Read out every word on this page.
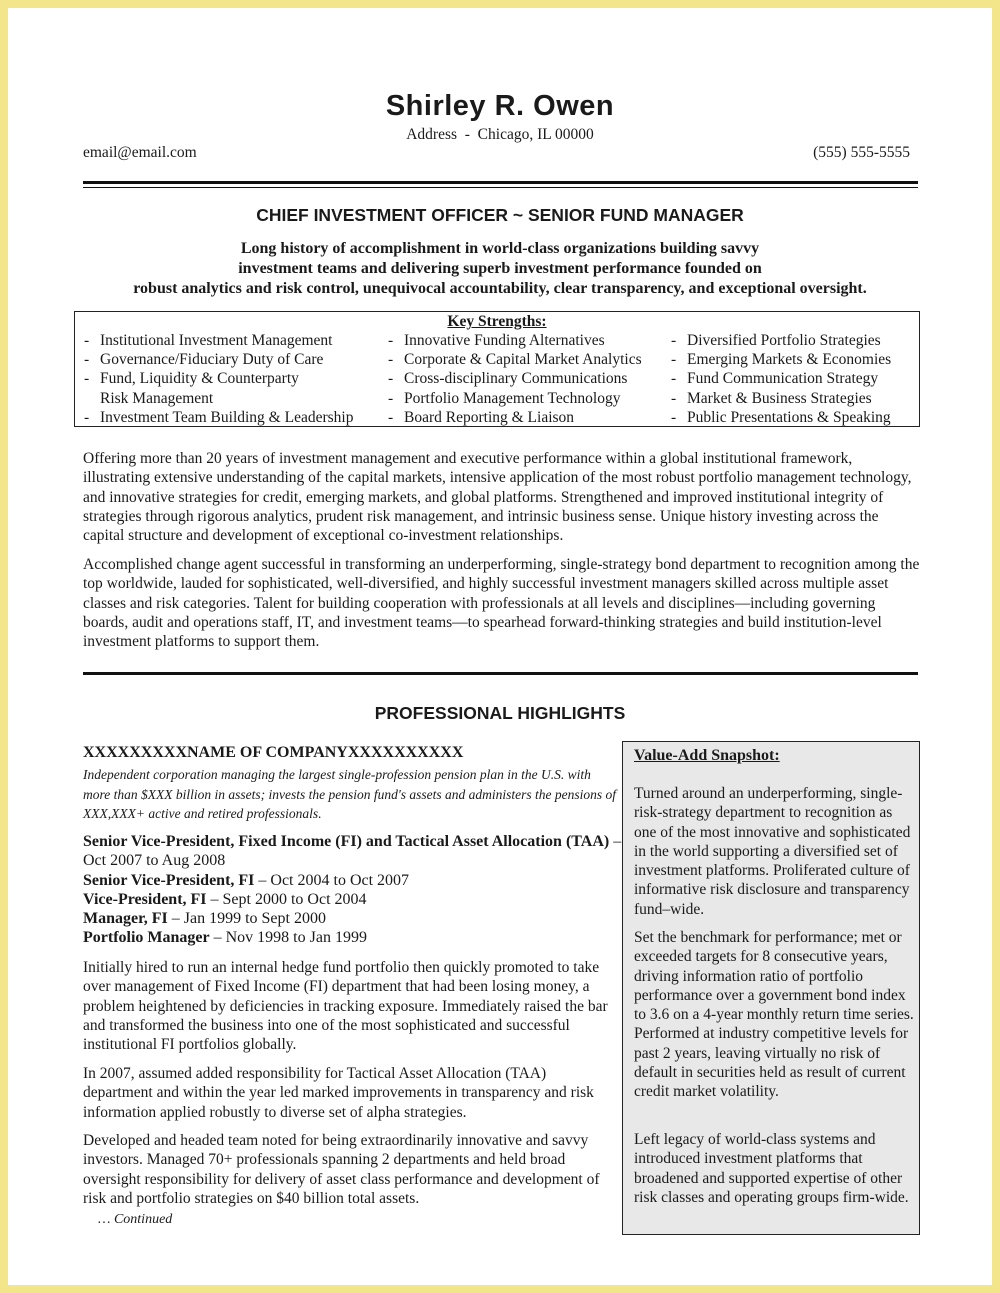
Shirley R. Owen
Address  -  Chicago, IL 00000
email@email.com	(555) 555-5555
CHIEF INVESTMENT OFFICER ~ SENIOR FUND MANAGER
Long history of accomplishment in world-class organizations building savvy
investment teams and delivering superb investment performance founded on
robust analytics and risk control, unequivocal accountability, clear transparency, and exceptional oversight.
Key Strengths:
- Institutional Investment Management
- Governance/Fiduciary Duty of Care
- Fund, Liquidity & Counterparty
Risk Management
- Investment Team Building & Leadership
- Innovative Funding Alternatives
- Corporate & Capital Market Analytics
- Cross-disciplinary Communications
- Portfolio Management Technology
- Board Reporting & Liaison
- Diversified Portfolio Strategies
- Emerging Markets & Economies
- Fund Communication Strategy
- Market & Business Strategies
- Public Presentations & Speaking

Offering more than 20 years of investment management and executive performance within a global institutional framework, illustrating extensive understanding of the capital markets, intensive application of the most robust portfolio management technology, and innovative strategies for credit, emerging markets, and global platforms. Strengthened and improved institutional integrity of strategies through rigorous analytics, prudent risk management, and intrinsic business sense. Unique history investing across the capital structure and development of exceptional co-investment relationships.

Accomplished change agent successful in transforming an underperforming, single-strategy bond department to recognition among the top worldwide, lauded for sophisticated, well-diversified, and highly successful investment managers skilled across multiple asset classes and risk categories. Talent for building cooperation with professionals at all levels and disciplines—including governing boards, audit and operations staff, IT, and investment teams—to spearhead forward-thinking strategies and build institution-level investment platforms to support them.

PROFESSIONAL HIGHLIGHTS
XXXXXXXXXNAME OF COMPANYXXXXXXXXXX

Independent corporation managing the largest single-profession pension plan in the U.S. with more than $XXX billion in assets; invests the pension fund's assets and administers the pensions of XXX,XXX+ active and retired professionals.

Senior Vice-President, Fixed Income (FI) and Tactical Asset Allocation (TAA) – Oct 2007 to Aug 2008
Senior Vice-President, FI – Oct 2004 to Oct 2007
Vice-President, FI – Sept 2000 to Oct 2004
Manager, FI – Jan 1999 to Sept 2000
Portfolio Manager – Nov 1998 to Jan 1999

Initially hired to run an internal hedge fund portfolio then quickly promoted to take over management of Fixed Income (FI) department that had been losing money, a problem heightened by deficiencies in tracking exposure. Immediately raised the bar and transformed the business into one of the most sophisticated and successful institutional FI portfolios globally.

In 2007, assumed added responsibility for Tactical Asset Allocation (TAA) department and within the year led marked improvements in transparency and risk information applied robustly to diverse set of alpha strategies.

Developed and headed team noted for being extraordinarily innovative and savvy investors. Managed 70+ professionals spanning 2 departments and held broad oversight responsibility for delivery of asset class performance and development of risk and portfolio strategies on $40 billion total assets.

… Continued
Value-Add Snapshot:

Turned around an underperforming, single-risk-strategy department to recognition as one of the most innovative and sophisticated in the world supporting a diversified set of investment platforms. Proliferated culture of informative risk disclosure and transparency fund–wide.

Set the benchmark for performance; met or exceeded targets for 8 consecutive years, driving information ratio of portfolio performance over a government bond index to 3.6 on a 4-year monthly return time series. Performed at industry competitive levels for past 2 years, leaving virtually no risk of default in securities held as result of current credit market volatility.

Left legacy of world-class systems and introduced investment platforms that broadened and supported expertise of other risk classes and operating groups firm-wide.
